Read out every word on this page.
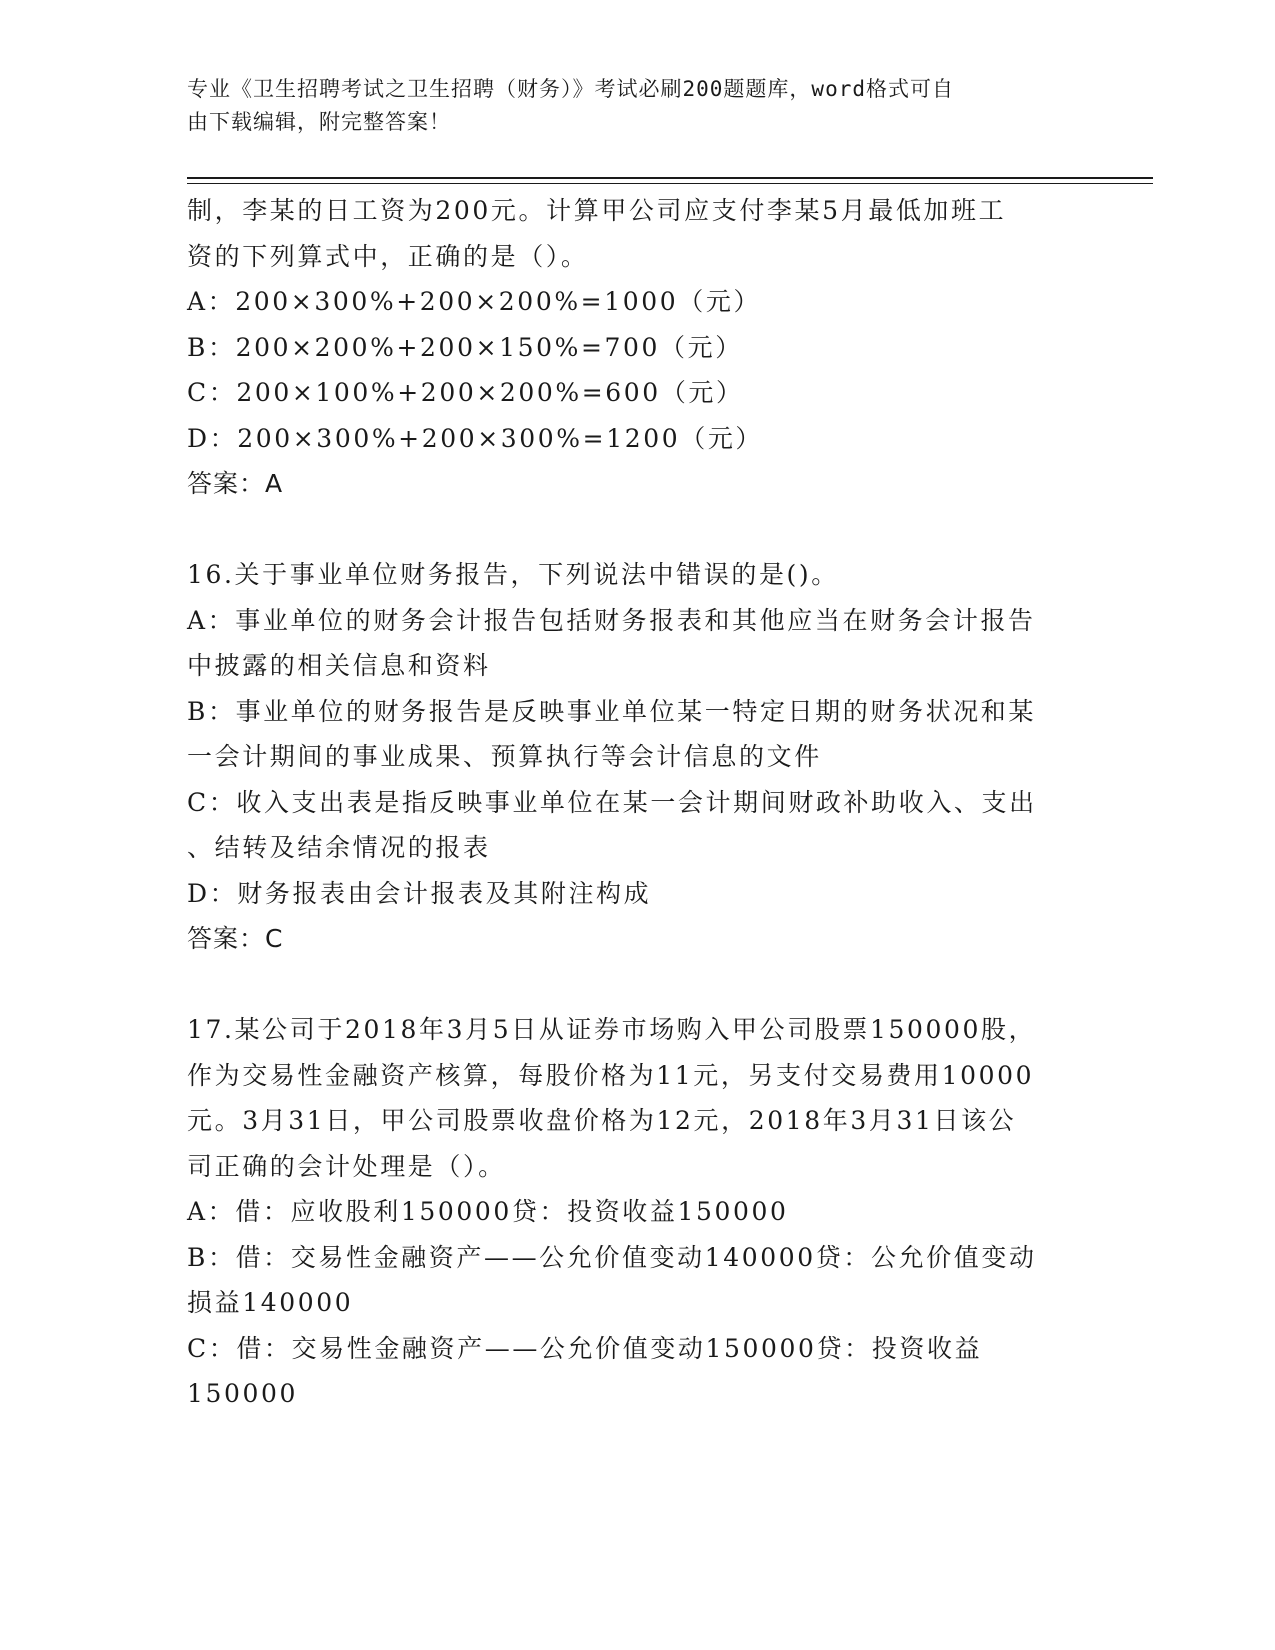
专业《卫生招聘考试之卫生招聘（财务）》考试必刷200题题库，word格式可自
由下载编辑，附完整答案！
制，李某的日工资为200元。计算甲公司应支付李某5月最低加班工
资的下列算式中，正确的是（）。
A：200×300%+200×200%=1000（元）
B：200×200%+200×150%=700（元）
C：200×100%+200×200%=600（元）
D：200×300%+200×300%=1200（元）
答案：A
16.关于事业单位财务报告，下列说法中错误的是()。
A：事业单位的财务会计报告包括财务报表和其他应当在财务会计报告
中披露的相关信息和资料
B：事业单位的财务报告是反映事业单位某一特定日期的财务状况和某
一会计期间的事业成果、预算执行等会计信息的文件
C：收入支出表是指反映事业单位在某一会计期间财政补助收入、支出
、结转及结余情况的报表
D：财务报表由会计报表及其附注构成
答案：C
17.某公司于2018年3月5日从证券市场购入甲公司股票150000股，
作为交易性金融资产核算，每股价格为11元，另支付交易费用10000
元。3月31日，甲公司股票收盘价格为12元，2018年3月31日该公
司正确的会计处理是（）。
A：借：应收股利150000贷：投资收益150000
B：借：交易性金融资产——公允价值变动140000贷：公允价值变动
损益140000
C：借：交易性金融资产——公允价值变动150000贷：投资收益
150000
